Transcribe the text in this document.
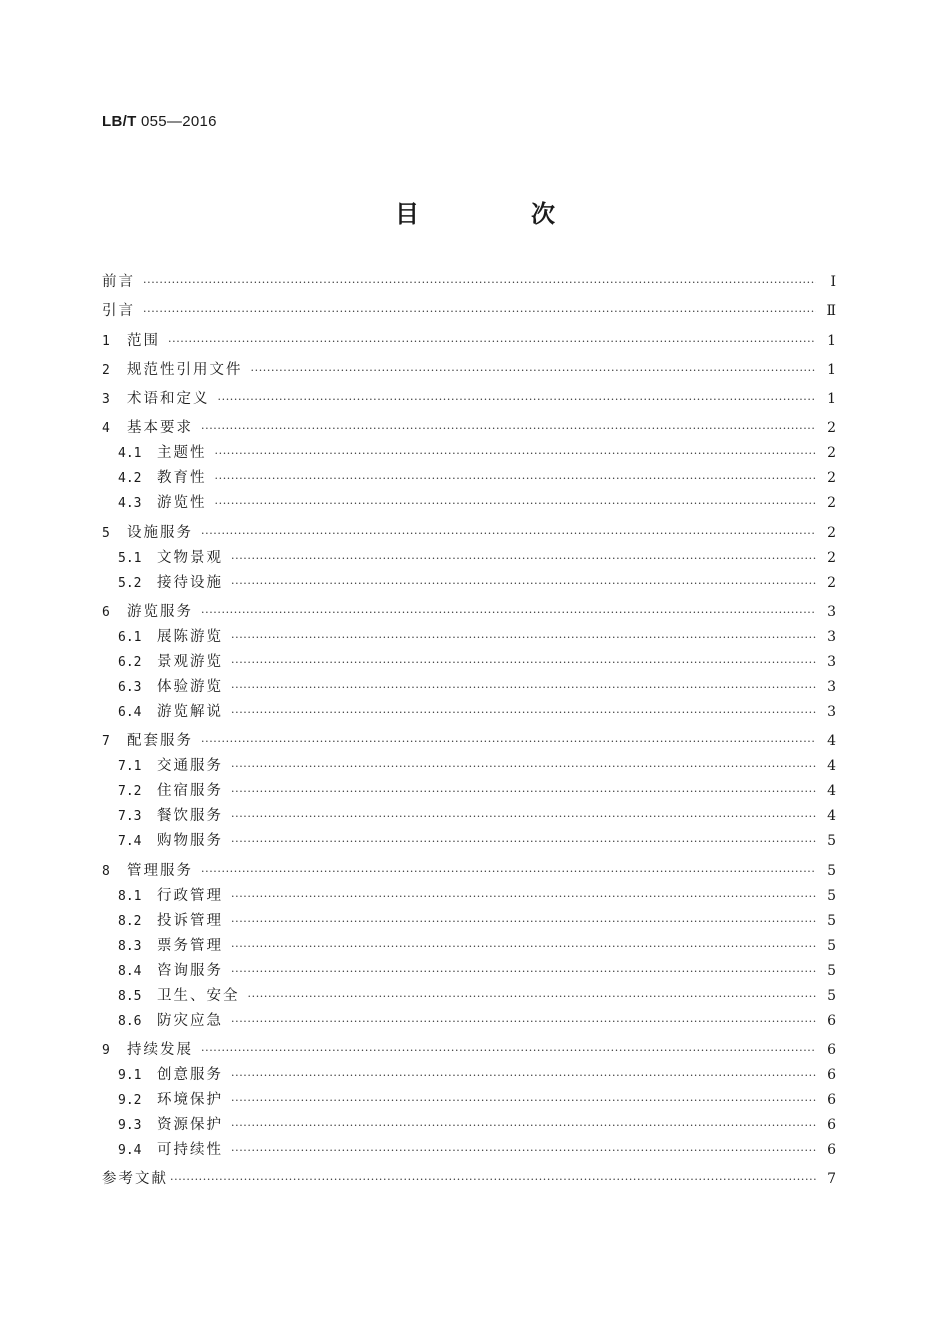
LB/T 055—2016
目　次
前言 ·····	Ⅰ
引言 ·····	Ⅱ
1	范围 ·····	1
2	规范性引用文件 ·····	1
3	术语和定义 ·····	1
4	基本要求 ·····	2
4.1	主题性 ·····	2
4.2	教育性 ·····	2
4.3	游览性 ·····	2
5	设施服务 ·····	2
5.1	文物景观 ·····	2
5.2	接待设施 ·····	2
6	游览服务 ·····	3
6.1	展陈游览 ·····	3
6.2	景观游览 ·····	3
6.3	体验游览 ·····	3
6.4	游览解说 ·····	3
7	配套服务 ·····	4
7.1	交通服务 ·····	4
7.2	住宿服务 ·····	4
7.3	餐饮服务 ·····	4
7.4	购物服务 ·····	5
8	管理服务 ·····	5
8.1	行政管理 ·····	5
8.2	投诉管理 ·····	5
8.3	票务管理 ·····	5
8.4	咨询服务 ·····	5
8.5	卫生、安全 ·····	5
8.6	防灾应急 ·····	6
9	持续发展 ·····	6
9.1	创意服务 ·····	6
9.2	环境保护 ·····	6
9.3	资源保护 ·····	6
9.4	可持续性 ·····	6
参考文献 ·····	7
